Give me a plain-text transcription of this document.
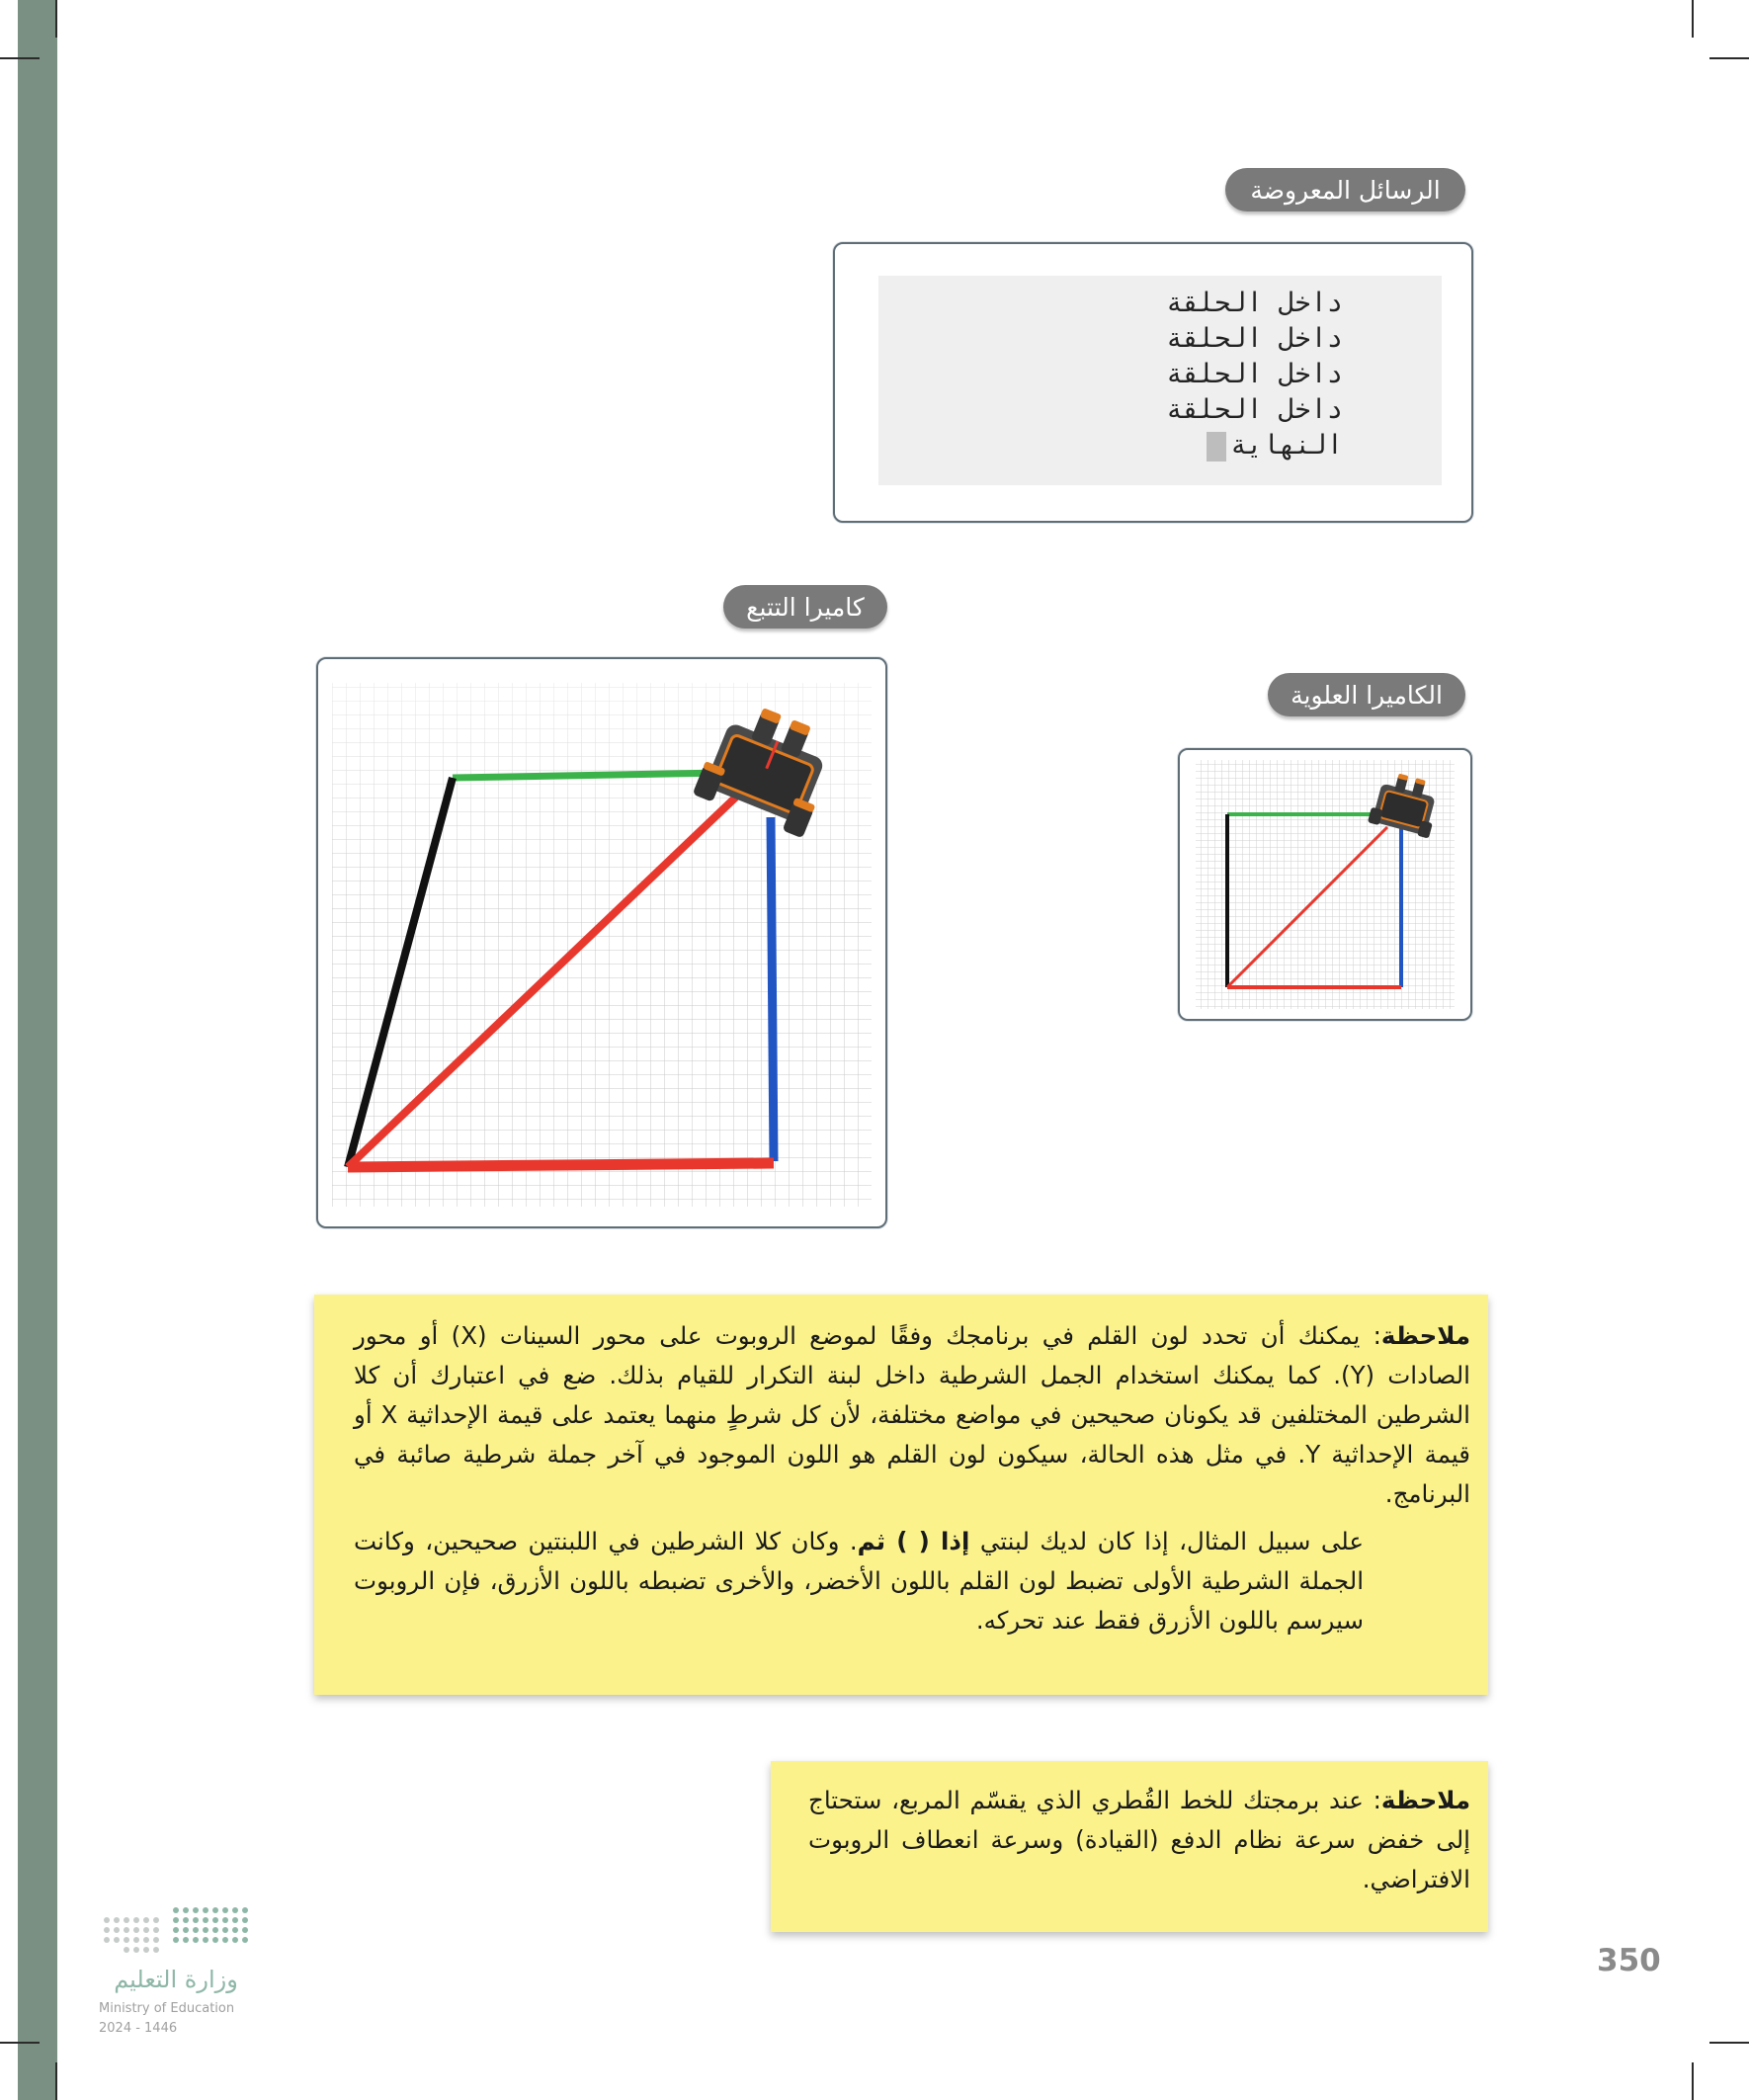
الرسائل المعروضة
داخل الحلقة
داخل الحلقة
داخل الحلقة
داخل الحلقة
النهاية
كاميرا التتبع
الكاميرا العلوية

ملاحظة: يمكنك أن تحدد لون القلم في برنامجك وفقًا لموضع الروبوت على محور السينات (X) أو محور الصادات (Y). كما يمكنك استخدام الجمل الشرطية داخل لبنة التكرار للقيام بذلك. ضع في اعتبارك أن كلا الشرطين المختلفين قد يكونان صحيحين في مواضع مختلفة، لأن كل شرطٍ منهما يعتمد على قيمة الإحداثية X أو قيمة الإحداثية Y. في مثل هذه الحالة، سيكون لون القلم هو اللون الموجود في آخر جملة شرطية صائبة في البرنامج.

على سبيل المثال، إذا كان لديك لبنتي إذا ( ) ثم. وكان كلا الشرطين في اللبنتين صحيحين، وكانت الجملة الشرطية الأولى تضبط لون القلم باللون الأخضر، والأخرى تضبطه باللون الأزرق، فإن الروبوت سيرسم باللون الأزرق فقط عند تحركه.

ملاحظة: عند برمجتك للخط القُطري الذي يقسّم المربع، ستحتاج إلى خفض سرعة نظام الدفع (القيادة) وسرعة انعطاف الروبوت الافتراضي.

350
وزارة التعليم
Ministry of Education
2024 - 1446
